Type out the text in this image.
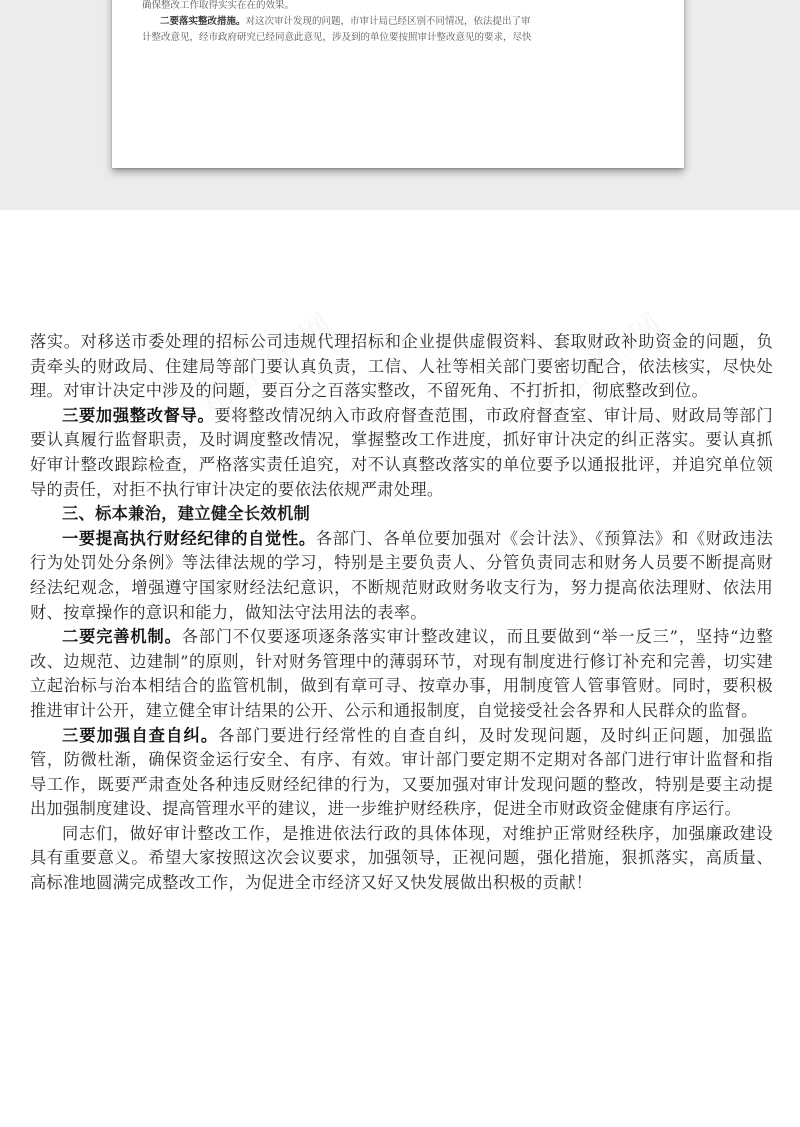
确保整改工作取得实实在在的效果。
二要落实整改措施。对这次审计发现的问题，市审计局已经区别不同情况，依法提出了审
计整改意见，经市政府研究已经同意此意见，涉及到的单位要按照审计整改意见的要求，尽快

落实。对移送市委处理的招标公司违规代理招标和企业提供虚假资料、套取财政补助资金的问题，负责牵头的财政局、住建局等部门要认真负责，工信、人社等相关部门要密切配合，依法核实，尽快处理。对审计决定中涉及的问题，要百分之百落实整改，不留死角、不打折扣，彻底整改到位。

三要加强整改督导。要将整改情况纳入市政府督查范围，市政府督查室、审计局、财政局等部门要认真履行监督职责，及时调度整改情况，掌握整改工作进度，抓好审计决定的纠正落实。要认真抓好审计整改跟踪检查，严格落实责任追究，对不认真整改落实的单位要予以通报批评，并追究单位领导的责任，对拒不执行审计决定的要依法依规严肃处理。

三、标本兼治，建立健全长效机制

一要提高执行财经纪律的自觉性。各部门、各单位要加强对《会计法》、《预算法》和《财政违法行为处罚处分条例》等法律法规的学习，特别是主要负责人、分管负责同志和财务人员要不断提高财经法纪观念，增强遵守国家财经法纪意识，不断规范财政财务收支行为，努力提高依法理财、依法用财、按章操作的意识和能力，做知法守法用法的表率。

二要完善机制。各部门不仅要逐项逐条落实审计整改建议，而且要做到“举一反三”，坚持“边整改、边规范、边建制”的原则，针对财务管理中的薄弱环节，对现有制度进行修订补充和完善，切实建立起治标与治本相结合的监管机制，做到有章可寻、按章办事，用制度管人管事管财。同时，要积极推进审计公开，建立健全审计结果的公开、公示和通报制度，自觉接受社会各界和人民群众的监督。

三要加强自查自纠。各部门要进行经常性的自查自纠，及时发现问题，及时纠正问题，加强监管，防微杜渐，确保资金运行安全、有序、有效。审计部门要定期不定期对各部门进行审计监督和指导工作，既要严肃查处各种违反财经纪律的行为，又要加强对审计发现问题的整改，特别是要主动提出加强制度建设、提高管理水平的建议，进一步维护财经秩序，促进全市财政资金健康有序运行。

同志们，做好审计整改工作，是推进依法行政的具体体现，对维护正常财经秩序，加强廉政建设具有重要意义。希望大家按照这次会议要求，加强领导，正视问题，强化措施，狠抓落实，高质量、高标准地圆满完成整改工作，为促进全市经济又好又快发展做出积极的贡献！
